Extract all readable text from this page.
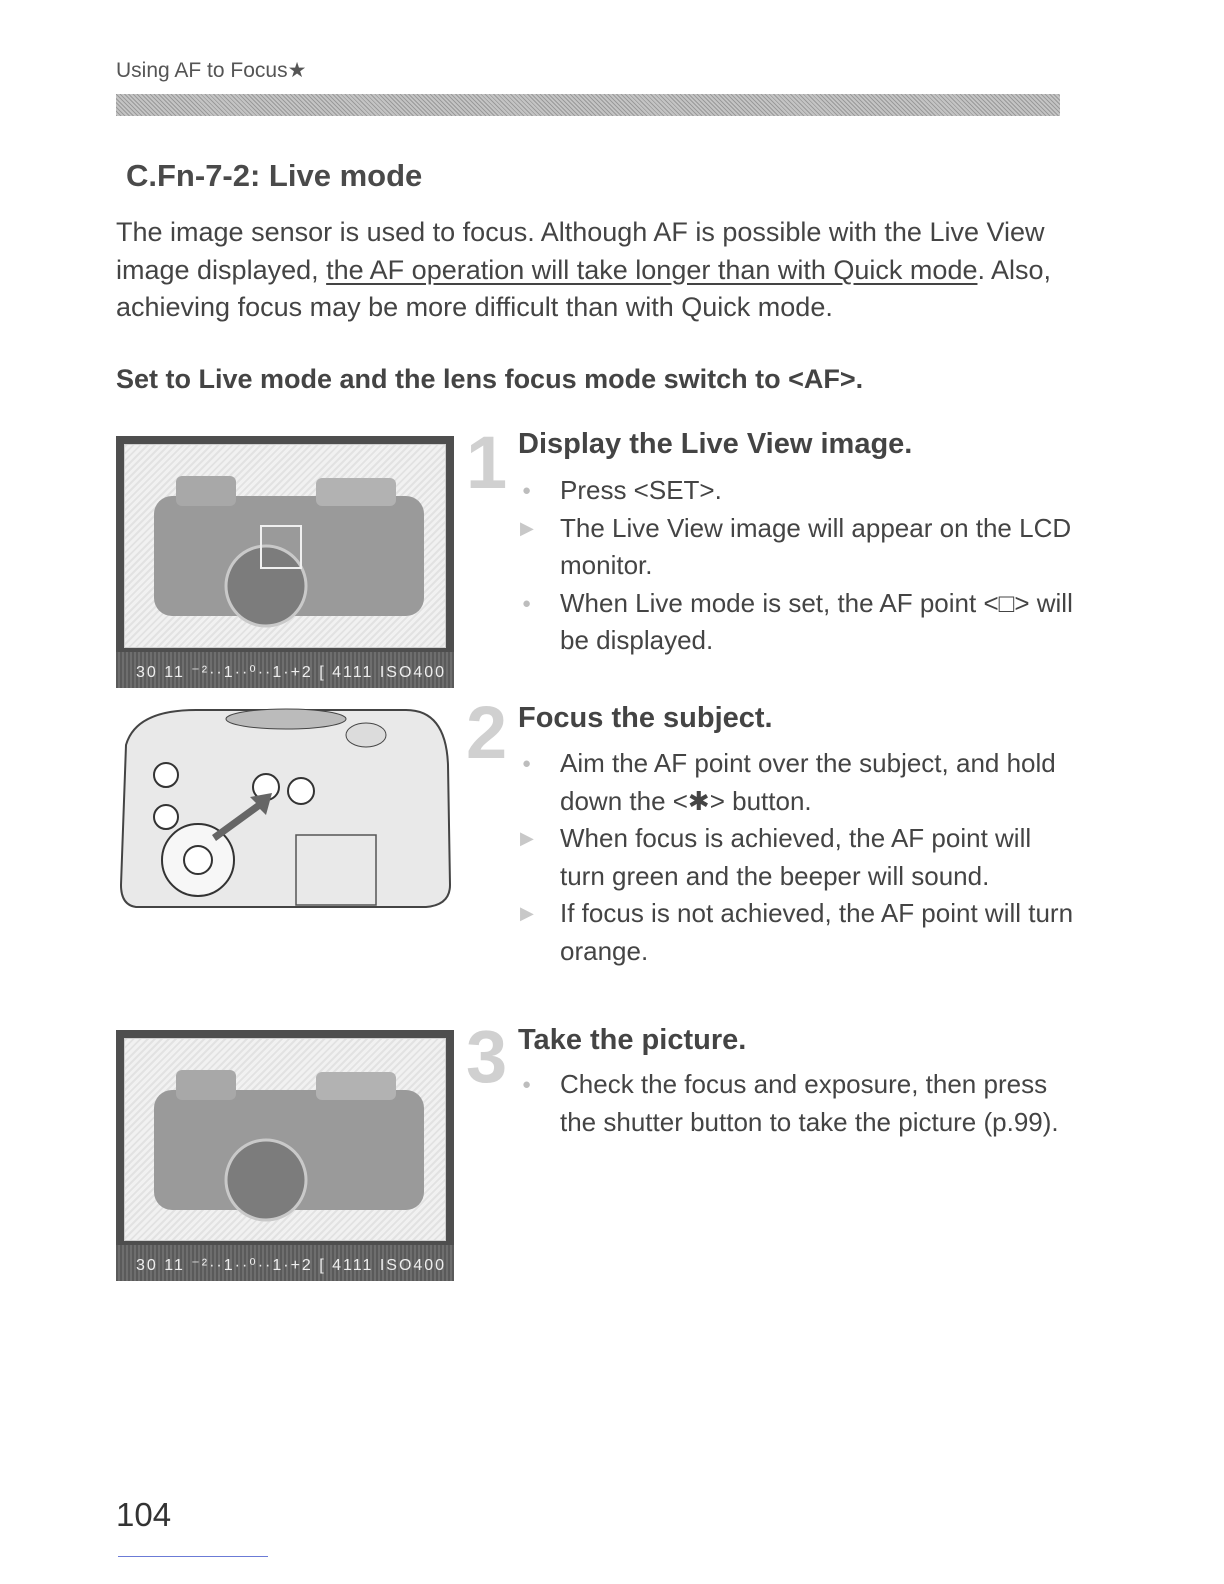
Using AF to Focus★
C.Fn-7-2: Live mode

The image sensor is used to focus. Although AF is possible with the Live View image displayed, the AF operation will take longer than with Quick mode. Also, achieving focus may be more difficult than with Quick mode.

Set to Live mode and the lens focus mode switch to <AF>.
30 11 ⁻²··1··⁰··1·+2 [ 4111 ISO400
1 Display the Live View image.
● Press <SET>.
▶ The Live View image will appear on the LCD monitor.
● When Live mode is set, the AF point <□> will be displayed.
2 Focus the subject.
● Aim the AF point over the subject, and hold down the <✱> button.
▶ When focus is achieved, the AF point will turn green and the beeper will sound.
▶ If focus is not achieved, the AF point will turn orange.
30 11 ⁻²··1··⁰··1·+2 [ 4111 ISO400
3 Take the picture.
● Check the focus and exposure, then press the shutter button to take the picture (p.99).
104
